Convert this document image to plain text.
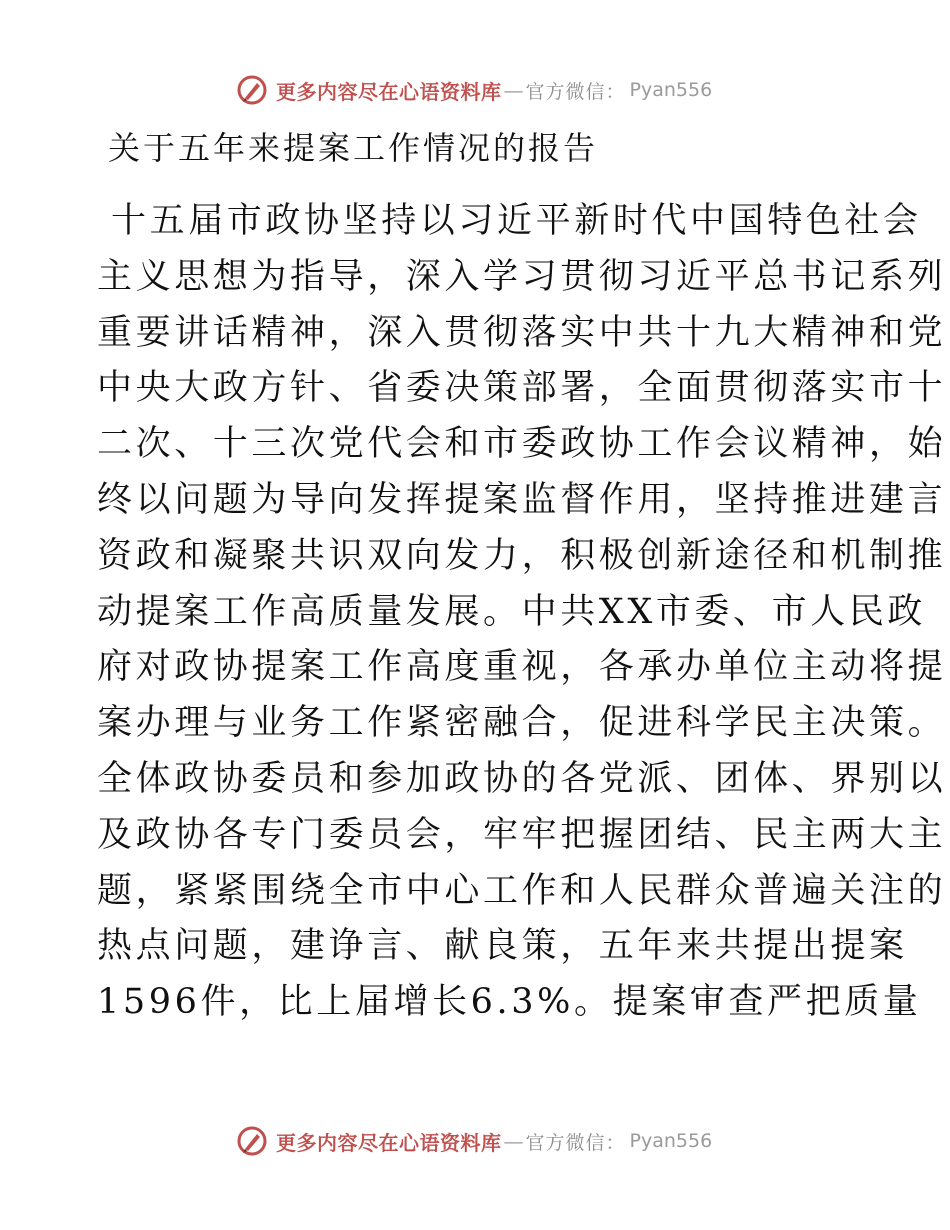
更多内容尽在心语资料库 — 官方微信： Pyan556
关于五年来提案工作情况的报告
十五届市政协坚持以习近平新时代中国特色社会
主义思想为指导，深入学习贯彻习近平总书记系列
重要讲话精神，深入贯彻落实中共十九大精神和党
中央大政方针、省委决策部署，全面贯彻落实市十
二次、十三次党代会和市委政协工作会议精神，始
终以问题为导向发挥提案监督作用，坚持推进建言
资政和凝聚共识双向发力，积极创新途径和机制推
动提案工作高质量发展。中共XX市委、市人民政
府对政协提案工作高度重视，各承办单位主动将提
案办理与业务工作紧密融合，促进科学民主决策。
全体政协委员和参加政协的各党派、团体、界别以
及政协各专门委员会，牢牢把握团结、民主两大主
题，紧紧围绕全市中心工作和人民群众普遍关注的
热点问题，建诤言、献良策，五年来共提出提案
1596件，比上届增长6.3%。提案审查严把质量
更多内容尽在心语资料库 — 官方微信： Pyan556
